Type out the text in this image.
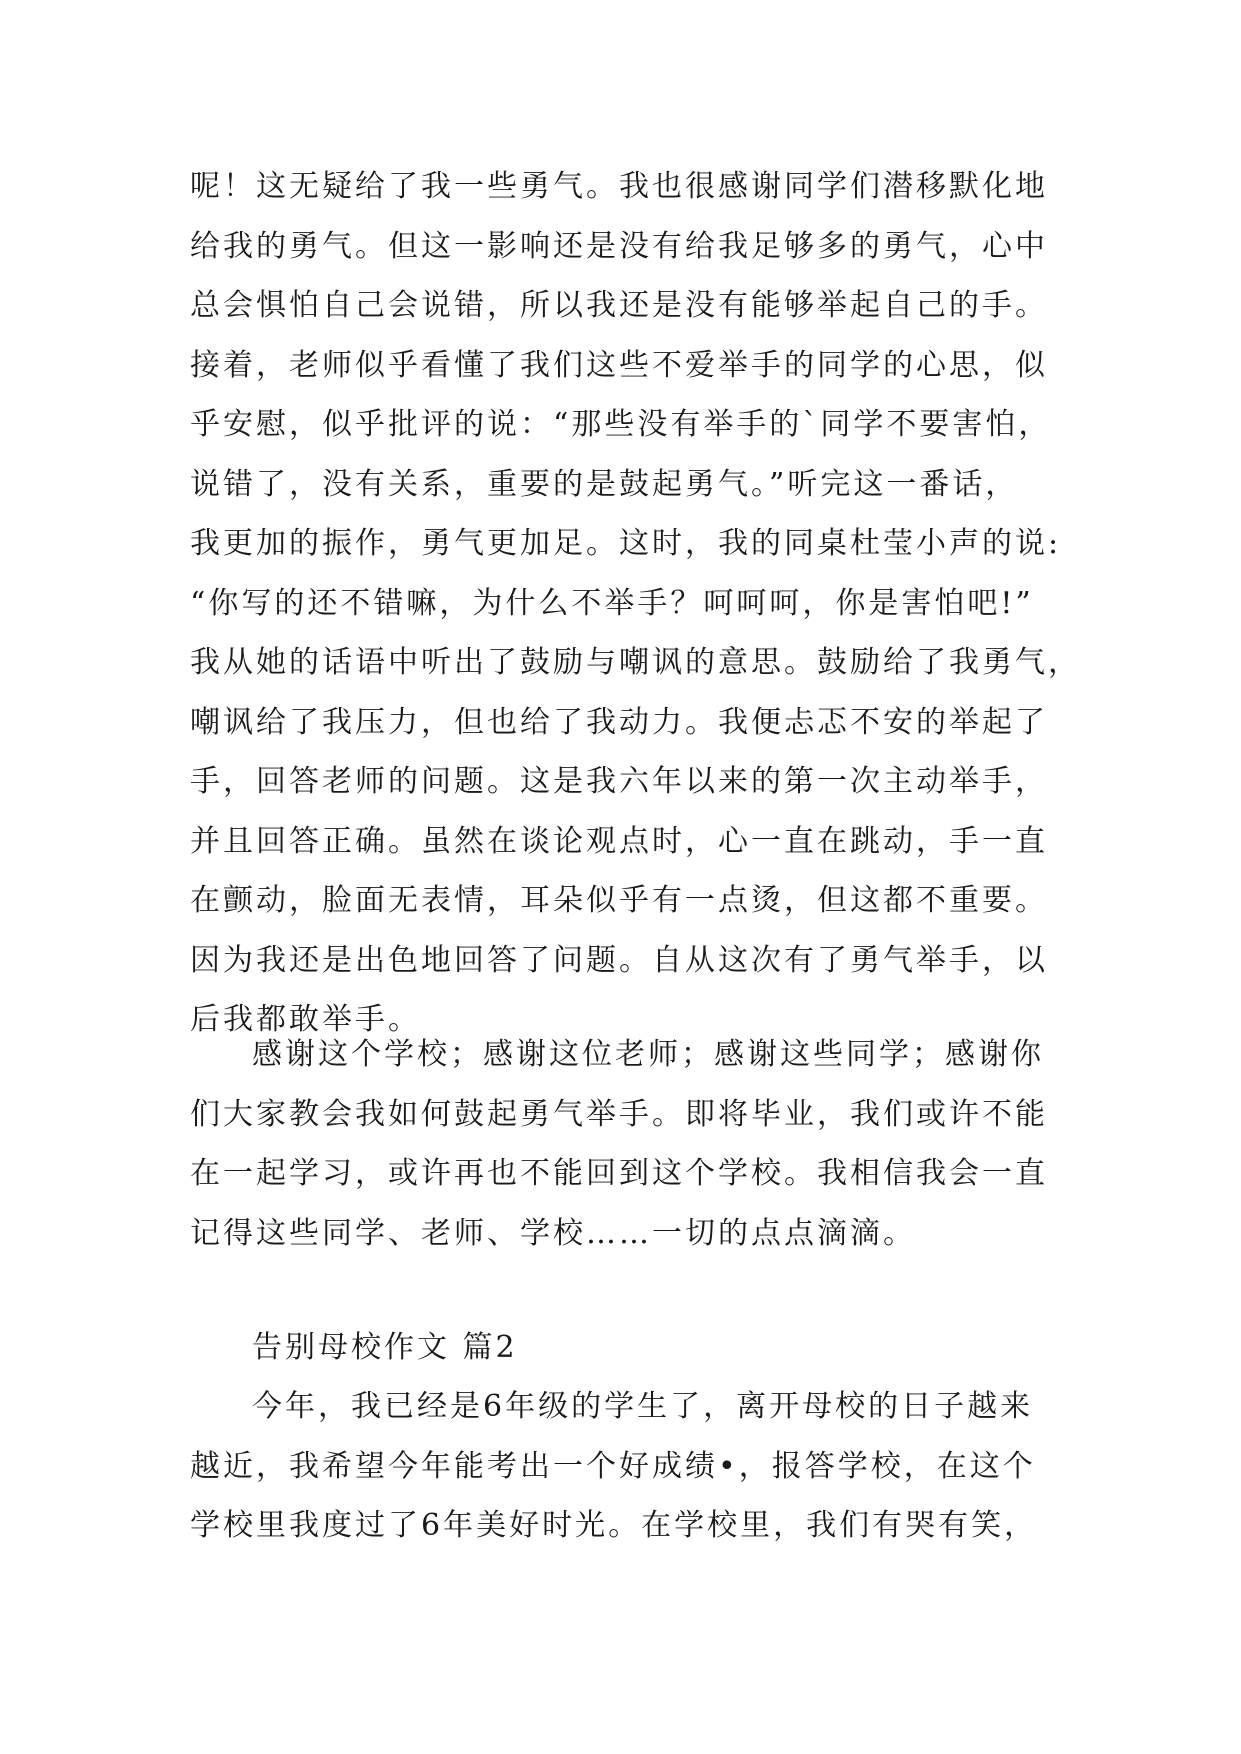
呢！这无疑给了我一些勇气。我也很感谢同学们潜移默化地
给我的勇气。但这一影响还是没有给我足够多的勇气，心中
总会惧怕自己会说错，所以我还是没有能够举起自己的手。
接着，老师似乎看懂了我们这些不爱举手的同学的心思，似
乎安慰，似乎批评的说：“那些没有举手的`同学不要害怕，
说错了，没有关系，重要的是鼓起勇气。”听完这一番话，
我更加的振作，勇气更加足。这时，我的同桌杜莹小声的说:
“你写的还不错嘛，为什么不举手？呵呵呵，你是害怕吧!”
我从她的话语中听出了鼓励与嘲讽的意思。鼓励给了我勇气，
嘲讽给了我压力，但也给了我动力。我便忐忑不安的举起了
手，回答老师的问题。这是我六年以来的第一次主动举手，
并且回答正确。虽然在谈论观点时，心一直在跳动，手一直
在颤动，脸面无表情，耳朵似乎有一点烫，但这都不重要。
因为我还是出色地回答了问题。自从这次有了勇气举手，以
后我都敢举手。
感谢这个学校；感谢这位老师；感谢这些同学；感谢你
们大家教会我如何鼓起勇气举手。即将毕业，我们或许不能
在一起学习，或许再也不能回到这个学校。我相信我会一直
记得这些同学、老师、学校……一切的点点滴滴。
告别母校作文 篇2
今年，我已经是6年级的学生了，离开母校的日子越来
越近，我希望今年能考出一个好成绩•，报答学校，在这个
学校里我度过了6年美好时光。在学校里，我们有哭有笑，
